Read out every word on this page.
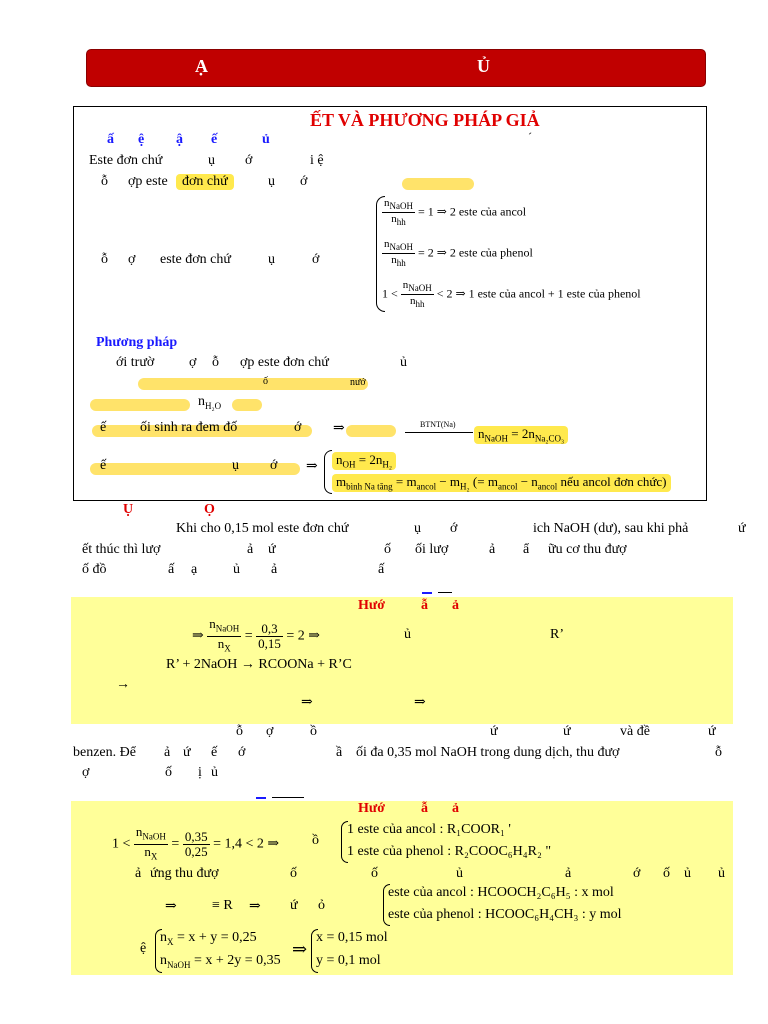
Ạ	Ủ
ẾT VÀ PHƯƠNG PHÁP GIẢ
´
ấ ệ ậ ế	ủ
Este đơn chứ	ụ ớ	i ệ
ỗ ợp este	đơn chứ	ụ ớ
$\frac{n_{NaOH}}{n_{hh}} = 1$ ⇒ 2 este của ancol
$\frac{n_{NaOH}}{n_{hh}} = 2$ ⇒ 2 este của phenol
$1 < \frac{n_{NaOH}}{n_{hh}} < 2$ ⇒ 1 este của ancol + 1 este của phenol
ỗ ợ este đơn chứ	ụ	ớ
Phương pháp
ới trườ ợ ỗ ợp este đơn chứ	ủ
ố	nướ
$n_{H_2O}$
ế ối sinh ra đem đố	ớ ⇒	BTNT(Na)
$n_{NaOH} = 2n_{Na_2CO_3}$
ế	ụ ớ ⇒	$n_{OH} = 2n_{H_2}$
$m_{bình Na tăng} = m_{ancol} - m_{H_2}$ (= $m_{ancol} - n_{ancol}$ nếu ancol đơn chức)
Ụ	Ọ
Khi cho 0,15 mol este đơn chứ	ụ ớ	ich NaOH (dư), sau khi phả	ứ
ết thúc thì lượ	ả ứ	ố ối lượ	ả ẩ ữu cơ thu đượ
ố đồ	ấ ạ	ủ ả	ấ
Hướ	ẫ ả
⇒ $\frac{n_{NaOH}}{n_X} = \frac{0,3}{0,15} = 2$ ⇒	ủ	R’
R’ + 2NaOH → RCOONa + R’C
→
⇒	⇒
ỗ ợ	ồ	ứ	ứ	và đề	ứ
benzen. Để ả ứ ế ớ	ầ ối đa 0,35 mol NaOH trong dung dịch, thu đượ	ỗ
ợ	ố ị ủ
Hướ	ẫ ả
$1 < \frac{n_{NaOH}}{n_X} = \frac{0,35}{0,25} = 1,4 < 2$ ⇒ ồ
1 este của ancol : R₁COOR₁ '
1 este của phenol : R₂COOC₆H₄R₂ "
ả ứng thu đượ	ố	ố	ủ	ả	ớ ố ủ ủ
⇒	≡ R ⇒ ứ ỏ
este của ancol : HCOOCH₂C₆H₅ : x mol
este của phenol : HCOOC₆H₄CH₃ : y mol
ệ
$n_X = x + y = 0,25$
$n_{NaOH} = x + 2y = 0,35$
⇒
x = 0,15 mol
y = 0,1 mol
